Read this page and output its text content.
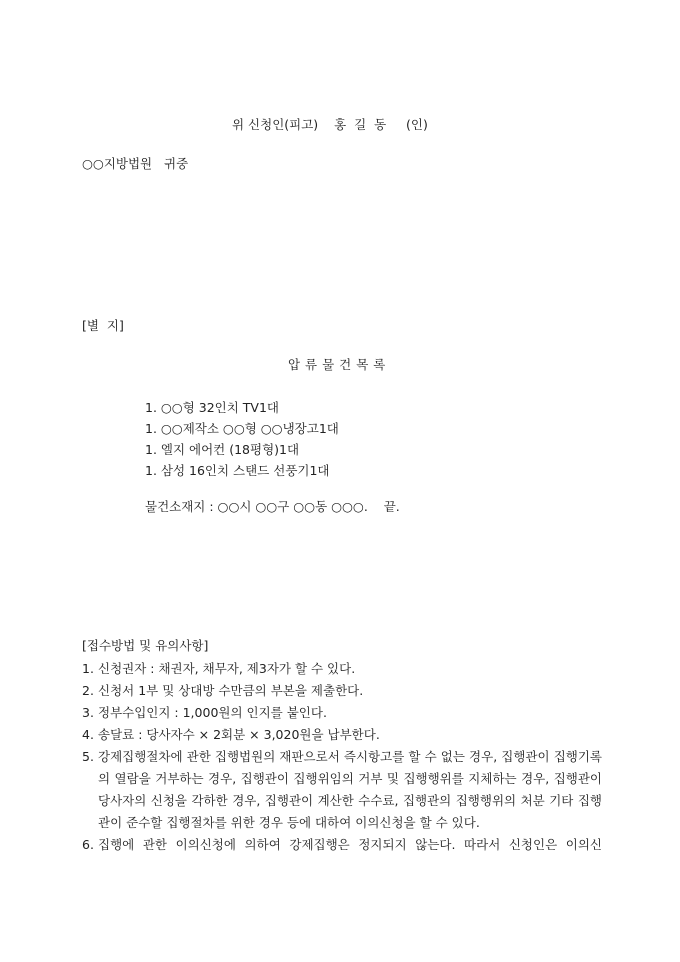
위 신청인(피고)    홍  길  동     (인)
○○지방법원   귀중
[별  지]
압 류 물 건 목 록
1. ○○형 32인치 TV1대
1. ○○제작소 ○○형 ○○냉장고1대
1. 엘지 에어컨 (18평형)1대
1. 삼성 16인치 스탠드 선풍기1대
물건소재지 : ○○시 ○○구 ○○동 ○○○.    끝.
[접수방법 및 유의사항]
1. 신청권자 : 채권자, 채무자, 제3자가 할 수 있다.
2. 신청서 1부 및 상대방 수만큼의 부본을 제출한다.
3. 정부수입인지 : 1,000원의 인지를 붙인다.
4. 송달료 : 당사자수 × 2회분 × 3,020원을 납부한다.
5. 강제집행절차에 관한 집행법원의 재판으로서 즉시항고를 할 수 없는 경우, 집행관이 집행기록의 열람을 거부하는 경우, 집행관이 집행위임의 거부 및 집행행위를 지체하는 경우, 집행관이 당사자의 신청을 각하한 경우, 집행관이 계산한 수수료, 집행관의 집행행위의 처분 기타 집행관이 준수할 집행절차를 위한 경우 등에 대하여 이의신청을 할 수 있다.
6. 집행에 관한 이의신청에 의하여 강제집행은 정지되지 않는다. 따라서 신청인은 이의신
